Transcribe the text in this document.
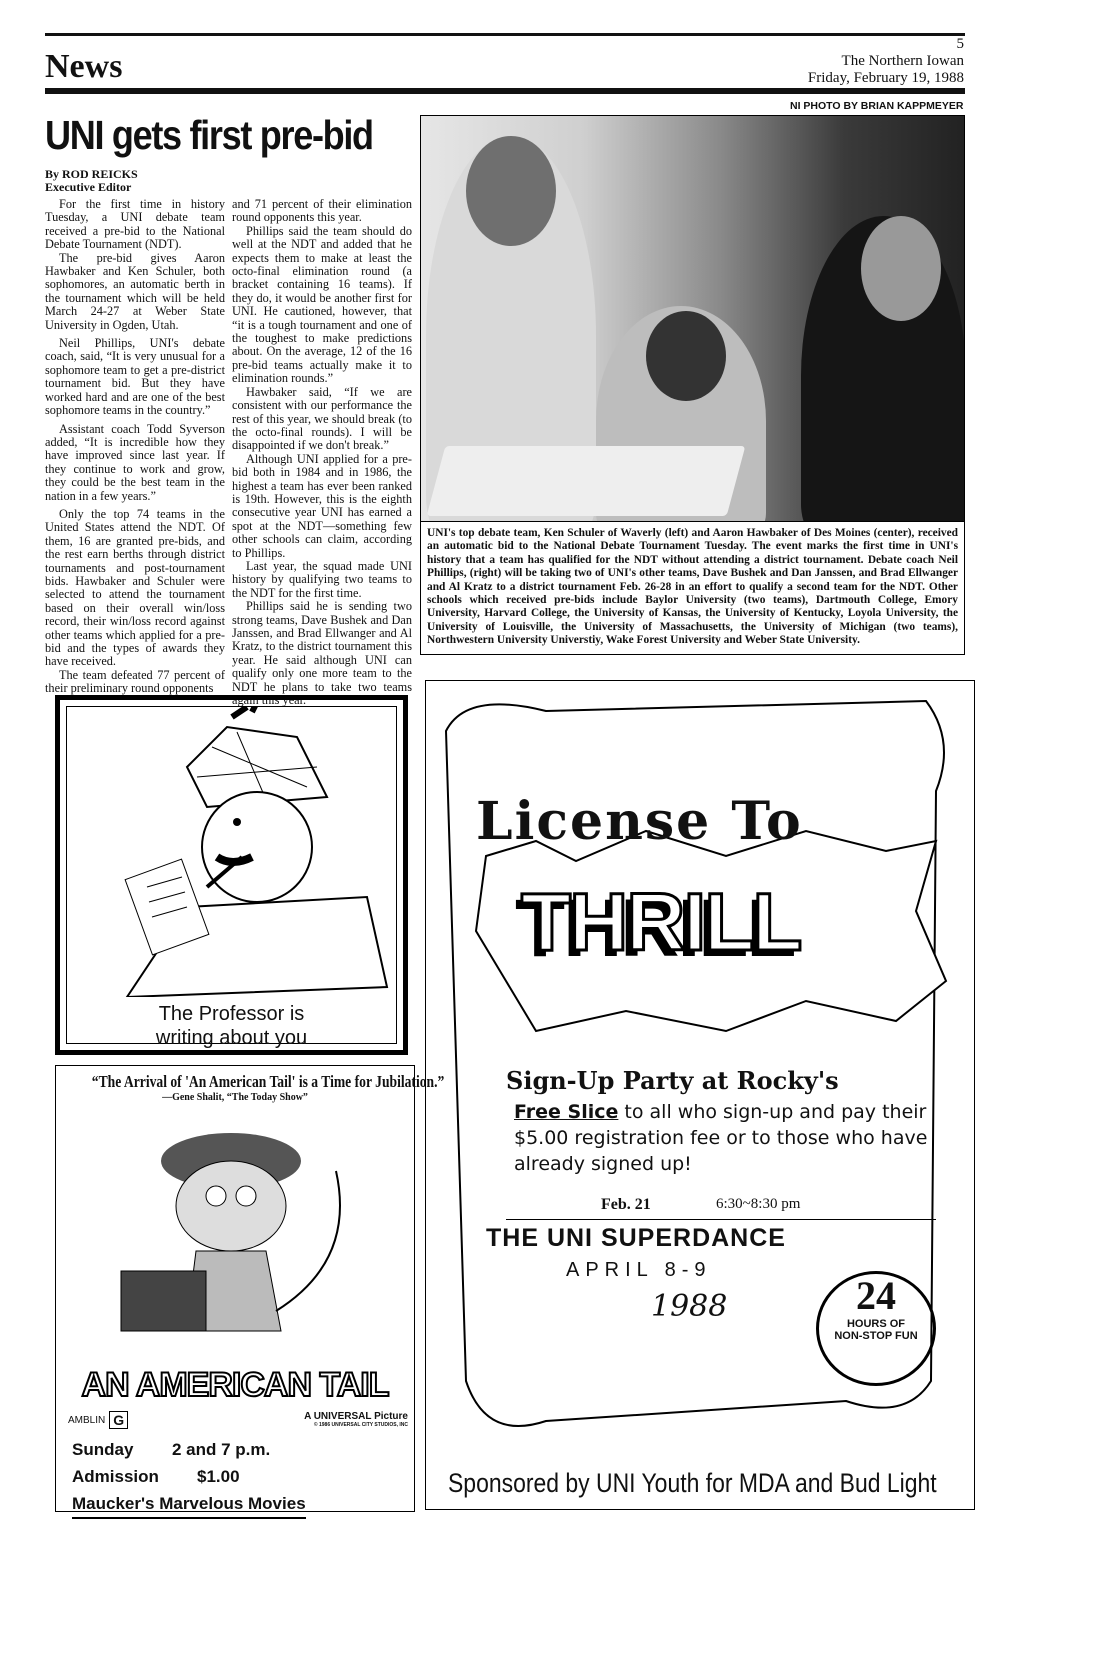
News
5
The Northern Iowan
Friday, February 19, 1988
NI PHOTO BY BRIAN KAPPMEYER
UNI gets first pre-bid
By ROD REICKS
Executive Editor

For the first time in history Tuesday, a UNI debate team received a pre-bid to the National Debate Tournament (NDT).

The pre-bid gives Aaron Hawbaker and Ken Schuler, both sophomores, an automatic berth in the tournament which will be held March 24-27 at Weber State University in Ogden, Utah.

Neil Phillips, UNI's debate coach, said, “It is very unusual for a sophomore team to get a pre-district tournament bid. But they have worked hard and are one of the best sophomore teams in the country.”

Assistant coach Todd Syverson added, “It is incredible how they have improved since last year. If they continue to work and grow, they could be the best team in the nation in a few years.”

Only the top 74 teams in the United States attend the NDT. Of them, 16 are granted pre-bids, and the rest earn berths through district tournaments and post-tournament bids. Hawbaker and Schuler were selected to attend the tournament based on their overall win/loss record, their win/loss record against other teams which applied for a pre-bid and the types of awards they have received.

The team defeated 77 percent of their preliminary round opponents

and 71 percent of their elimination round opponents this year.

Phillips said the team should do well at the NDT and added that he expects them to make at least the octo-final elimination round (a bracket containing 16 teams). If they do, it would be another first for UNI. He cautioned, however, that “it is a tough tournament and one of the toughest to make predictions about. On the average, 12 of the 16 pre-bid teams actually make it to elimination rounds.”

Hawbaker said, “If we are consistent with our performance the rest of this year, we should break (to the octo-final rounds). I will be disappointed if we don't break.”

Although UNI applied for a pre-bid both in 1984 and in 1986, the highest a team has ever been ranked is 19th. However, this is the eighth consecutive year UNI has earned a spot at the NDT—something few other schools can claim, according to Phillips.

Last year, the squad made UNI history by qualifying two teams to the NDT for the first time.

Phillips said he is sending two strong teams, Dave Bushek and Dan Janssen, and Brad Ellwanger and Al Kratz, to the district tournament this year. He said although UNI can qualify only one more team to the NDT he plans to take two teams again this year.

UNI's top debate team, Ken Schuler of Waverly (left) and Aaron Hawbaker of Des Moines (center), received an automatic bid to the National Debate Tournament Tuesday. The event marks the first time in UNI's history that a team has qualified for the NDT without attending a district tournament. Debate coach Neil Phillips, (right) will be taking two of UNI's other teams, Dave Bushek and Dan Janssen, and Brad Ellwanger and Al Kratz to a district tournament Feb. 26-28 in an effort to qualify a second team for the NDT. Other schools which received pre-bids include Baylor University (two teams), Dartmouth College, Emory University, Harvard College, the University of Kansas, the University of Kentucky, Loyola University, the University of Louisville, the University of Massachusetts, the University of Michigan (two teams), Northwestern University Universtiy, Wake Forest University and Weber State University.
The Professor is
writing about you
“The Arrival of 'An American Tail' is a Time for Jubilation.”
—Gene Shalit, “The Today Show”
AN AMERICAN TAIL
AMBLIN G	A UNIVERSAL Picture
© 1986 UNIVERSAL CITY STUDIOS, INC
Sunday 2 and 7 p.m.
Admission $1.00
Maucker's Marvelous Movies
License To
THRILL
Sign-Up Party at Rocky's
Free Slice to all who sign-up and pay their $5.00 registration fee or to those who have already signed up!
Feb. 21	6:30~8:30 pm
THE UNI SUPERDANCE
APRIL 8-9
1988	24
HOURS OF NON-STOP FUN
Sponsored by UNI Youth for MDA and Bud Light
